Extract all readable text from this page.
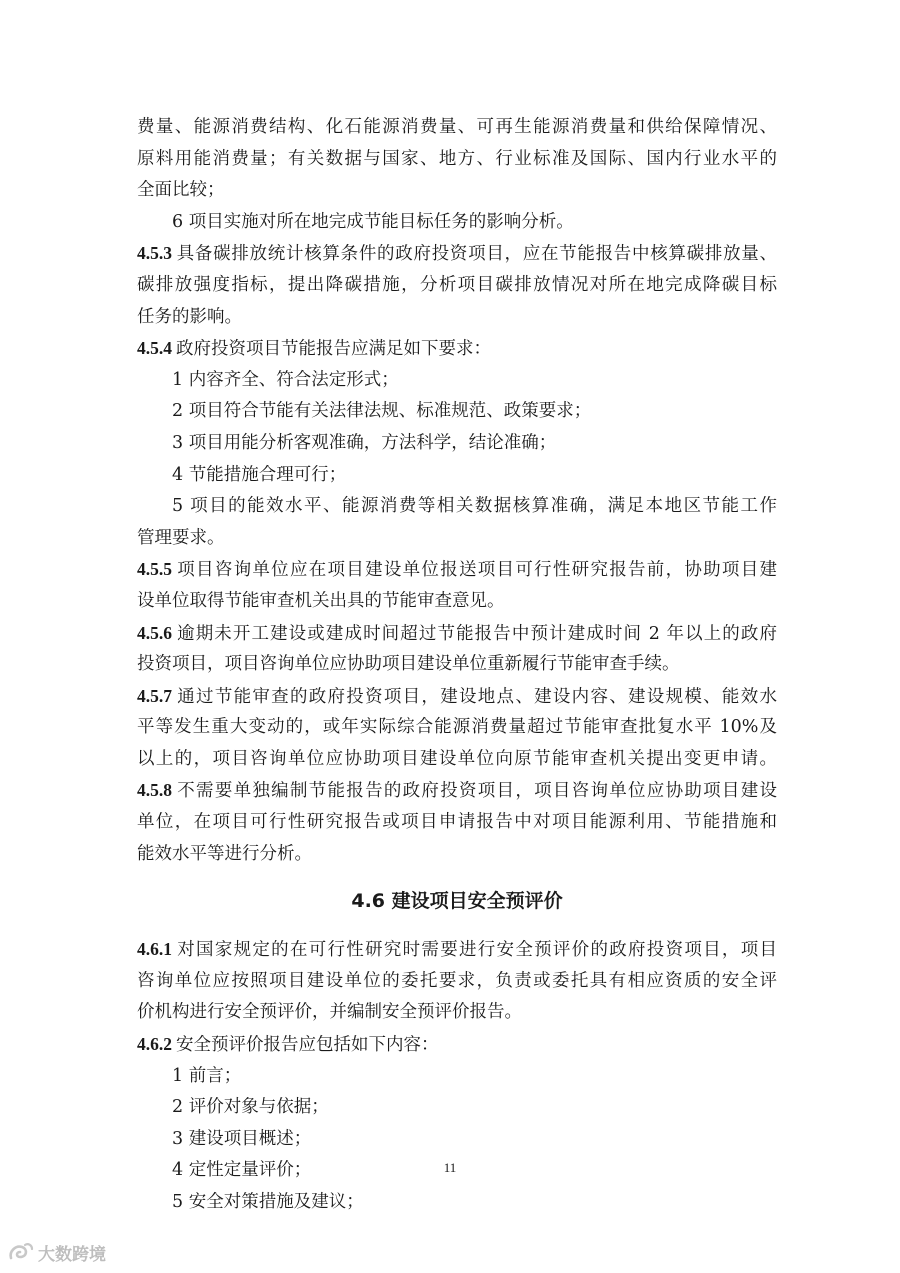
费量、能源消费结构、化石能源消费量、可再生能源消费量和供给保障情况、
原料用能消费量；有关数据与国家、地方、行业标准及国际、国内行业水平的
全面比较；
6 项目实施对所在地完成节能目标任务的影响分析。
4.5.3 具备碳排放统计核算条件的政府投资项目，应在节能报告中核算碳排放量、
碳排放强度指标，提出降碳措施，分析项目碳排放情况对所在地完成降碳目标
任务的影响。
4.5.4 政府投资项目节能报告应满足如下要求：
1 内容齐全、符合法定形式；
2 项目符合节能有关法律法规、标准规范、政策要求；
3 项目用能分析客观准确，方法科学，结论准确；
4 节能措施合理可行；
5 项目的能效水平、能源消费等相关数据核算准确，满足本地区节能工作
管理要求。
4.5.5 项目咨询单位应在项目建设单位报送项目可行性研究报告前，协助项目建
设单位取得节能审查机关出具的节能审查意见。
4.5.6 逾期未开工建设或建成时间超过节能报告中预计建成时间 2 年以上的政府
投资项目，项目咨询单位应协助项目建设单位重新履行节能审查手续。
4.5.7 通过节能审查的政府投资项目，建设地点、建设内容、建设规模、能效水
平等发生重大变动的，或年实际综合能源消费量超过节能审查批复水平 10%及
以上的，项目咨询单位应协助项目建设单位向原节能审查机关提出变更申请。
4.5.8 不需要单独编制节能报告的政府投资项目，项目咨询单位应协助项目建设
单位，在项目可行性研究报告或项目申请报告中对项目能源利用、节能措施和
能效水平等进行分析。
4.6 建设项目安全预评价
4.6.1 对国家规定的在可行性研究时需要进行安全预评价的政府投资项目，项目
咨询单位应按照项目建设单位的委托要求，负责或委托具有相应资质的安全评
价机构进行安全预评价，并编制安全预评价报告。
4.6.2 安全预评价报告应包括如下内容：
1 前言；
2 评价对象与依据；
3 建设项目概述；
4 定性定量评价；
5 安全对策措施及建议；
11
大数跨境
